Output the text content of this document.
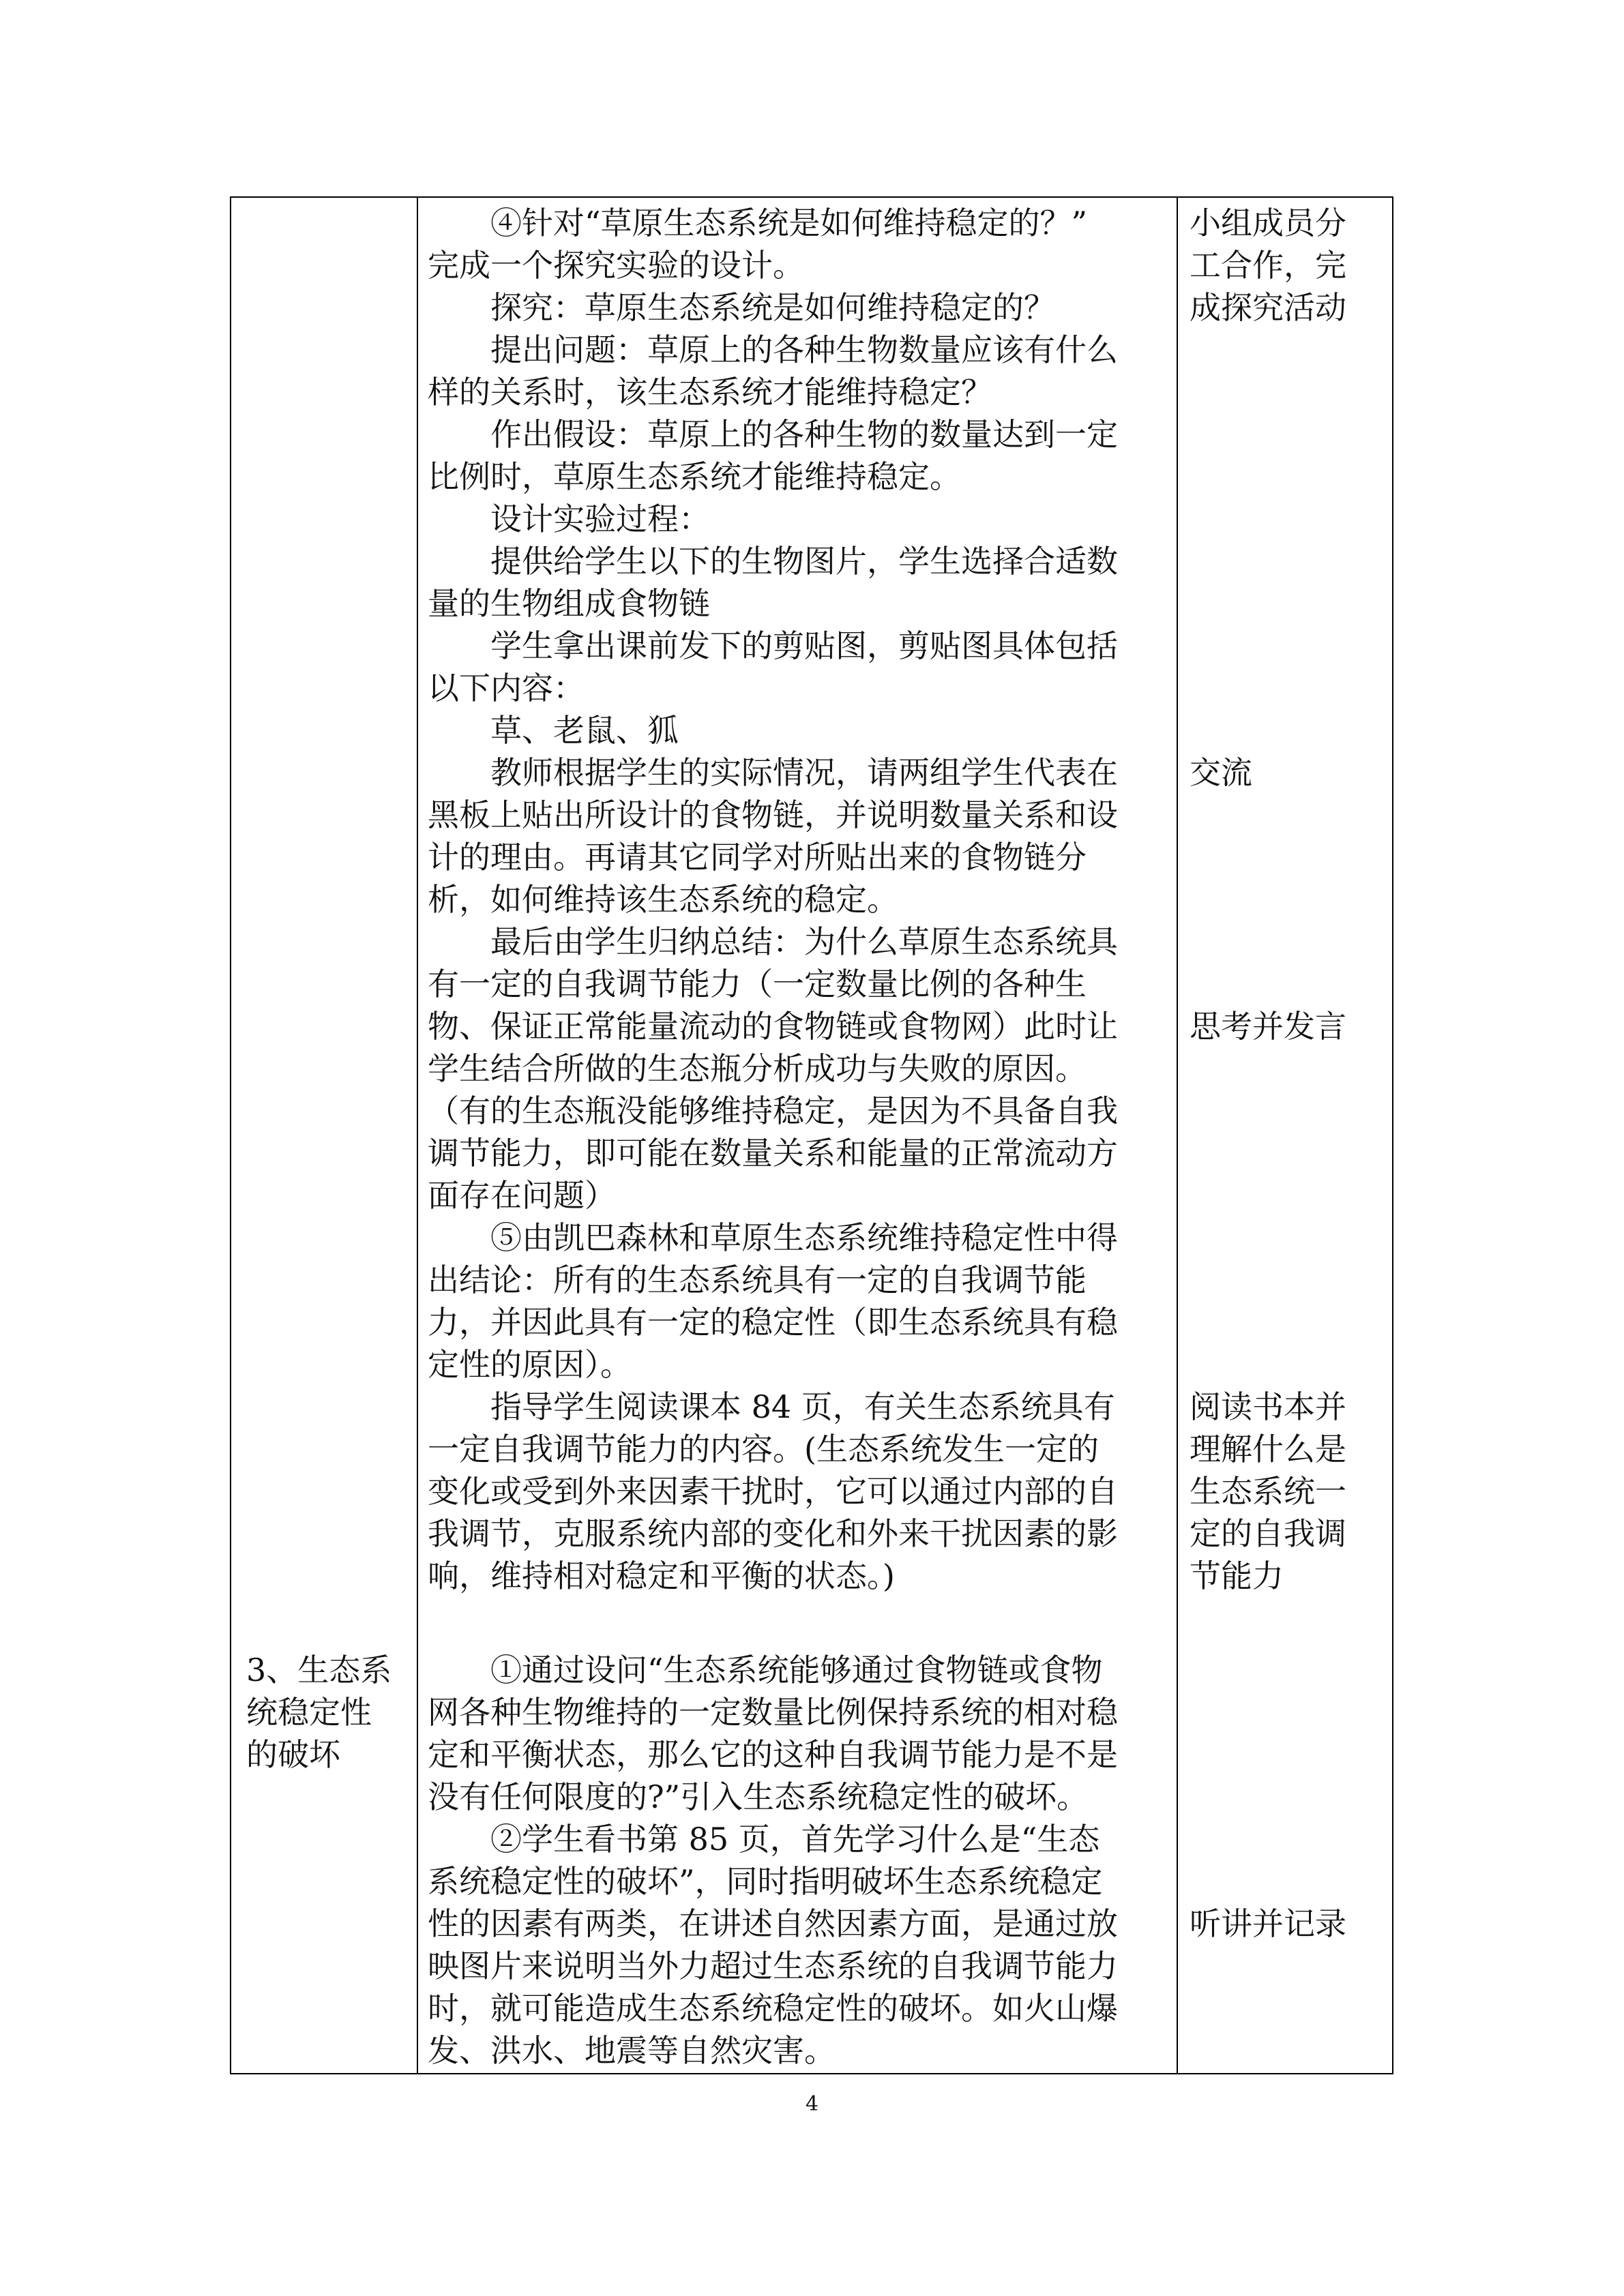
3、生态系
统稳定性
的破坏
　　④针对“草原生态系统是如何维持稳定的？”
完成一个探究实验的设计。
　　探究：草原生态系统是如何维持稳定的？
　　提出问题：草原上的各种生物数量应该有什么
样的关系时，该生态系统才能维持稳定？
　　作出假设：草原上的各种生物的数量达到一定
比例时，草原生态系统才能维持稳定。
　　设计实验过程：
　　提供给学生以下的生物图片，学生选择合适数
量的生物组成食物链
　　学生拿出课前发下的剪贴图，剪贴图具体包括
以下内容：
　　草、老鼠、狐
　　教师根据学生的实际情况，请两组学生代表在
黑板上贴出所设计的食物链，并说明数量关系和设
计的理由。再请其它同学对所贴出来的食物链分
析，如何维持该生态系统的稳定。
　　最后由学生归纳总结：为什么草原生态系统具
有一定的自我调节能力（一定数量比例的各种生
物、保证正常能量流动的食物链或食物网）此时让
学生结合所做的生态瓶分析成功与失败的原因。
（有的生态瓶没能够维持稳定，是因为不具备自我
调节能力，即可能在数量关系和能量的正常流动方
面存在问题）
　　⑤由凯巴森林和草原生态系统维持稳定性中得
出结论：所有的生态系统具有一定的自我调节能
力，并因此具有一定的稳定性（即生态系统具有稳
定性的原因）。
　　指导学生阅读课本 84 页，有关生态系统具有
一定自我调节能力的内容。(生态系统发生一定的
变化或受到外来因素干扰时，它可以通过内部的自
我调节，克服系统内部的变化和外来干扰因素的影
响，维持相对稳定和平衡的状态。)
　　①通过设问“生态系统能够通过食物链或食物
网各种生物维持的一定数量比例保持系统的相对稳
定和平衡状态，那么它的这种自我调节能力是不是
没有任何限度的?”引入生态系统稳定性的破坏。
　　②学生看书第 85 页，首先学习什么是“生态
系统稳定性的破坏”，同时指明破坏生态系统稳定
性的因素有两类，在讲述自然因素方面，是通过放
映图片来说明当外力超过生态系统的自我调节能力
时，就可能造成生态系统稳定性的破坏。如火山爆
发、洪水、地震等自然灾害。
小组成员分
工合作，完
成探究活动
交流
思考并发言
阅读书本并
理解什么是
生态系统一
定的自我调
节能力
听讲并记录
4
